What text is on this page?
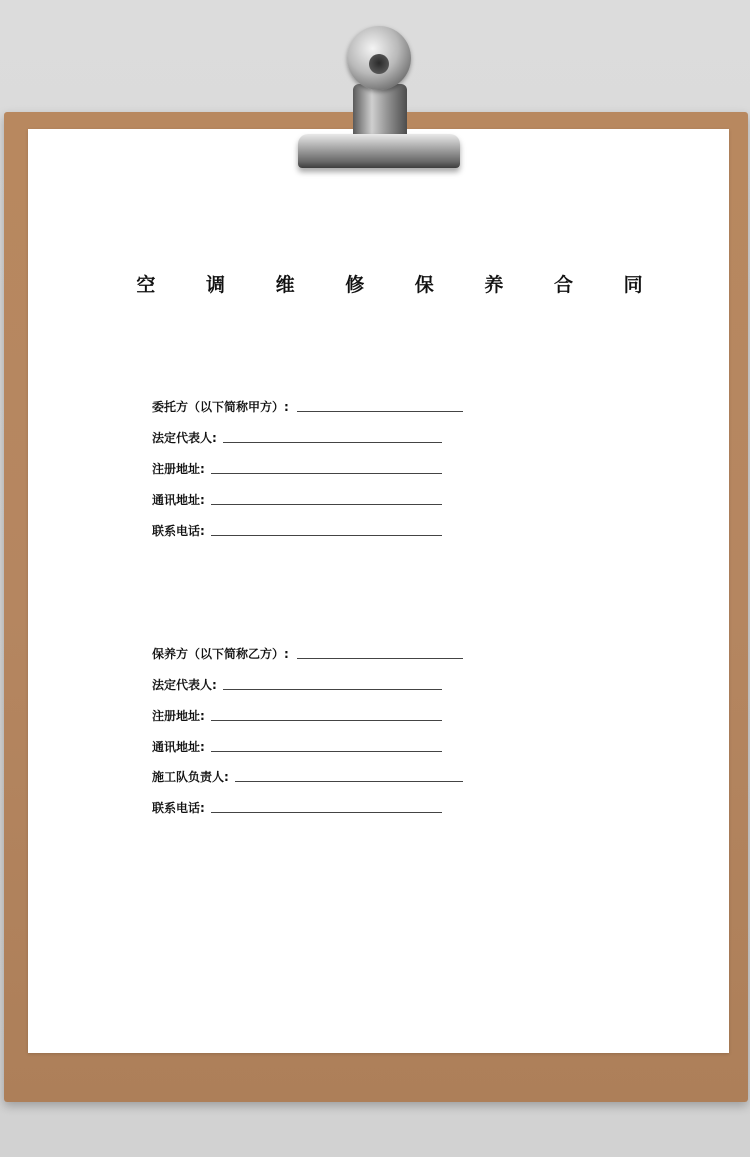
空 调 维 修 保 养 合 同
委托方（以下简称甲方）:
法定代表人:
注册地址:
通讯地址:
联系电话:
保养方（以下简称乙方）:
法定代表人:
注册地址:
通讯地址:
施工队负责人:
联系电话:
